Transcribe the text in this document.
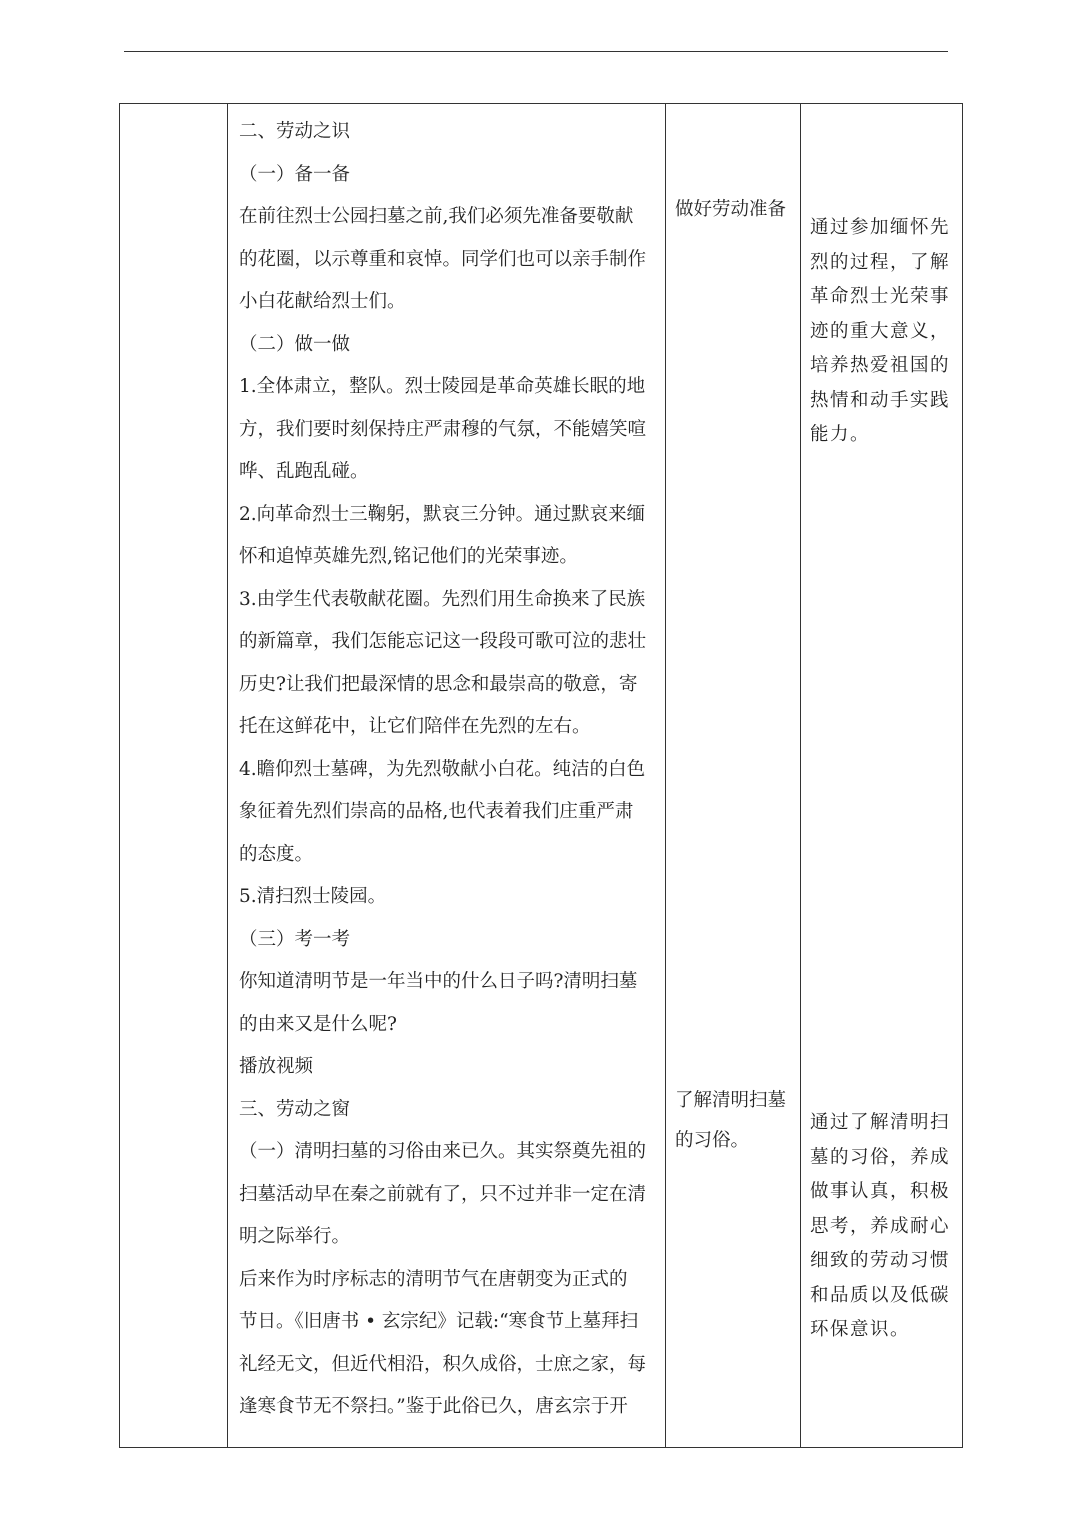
二、劳动之识

（一）备一备

在前往烈士公园扫墓之前,我们必须先准备要敬献

的花圈，以示尊重和哀悼。同学们也可以亲手制作

小白花献给烈士们。

（二）做一做

1.全体肃立，整队。烈士陵园是革命英雄长眠的地

方，我们要时刻保持庄严肃穆的气氛，不能嬉笑喧

哗、乱跑乱碰。

2.向革命烈士三鞠躬，默哀三分钟。通过默哀来缅

怀和追悼英雄先烈,铭记他们的光荣事迹。

3.由学生代表敬献花圈。先烈们用生命换来了民族

的新篇章，我们怎能忘记这一段段可歌可泣的悲壮

历史?让我们把最深情的思念和最崇高的敬意，寄

托在这鲜花中，让它们陪伴在先烈的左右。

4.瞻仰烈士墓碑，为先烈敬献小白花。纯洁的白色

象征着先烈们崇高的品格,也代表着我们庄重严肃

的态度。

5.清扫烈士陵园。

（三）考一考

你知道清明节是一年当中的什么日子吗?清明扫墓

的由来又是什么呢?

播放视频

三、劳动之窗

（一）清明扫墓的习俗由来已久。其实祭奠先祖的

扫墓活动早在秦之前就有了，只不过并非一定在清

明之际举行。

后来作为时序标志的清明节气在唐朝变为正式的

节日。《旧唐书 • 玄宗纪》记载:“寒食节上墓拜扫

礼经无文，但近代相沿，积久成俗，士庶之家，每

逢寒食节无不祭扫。”鉴于此俗已久，唐玄宗于开

做好劳动准备

了解清明扫墓

的习俗。

通过参加缅怀先

烈的过程，了解

革命烈士光荣事

迹的重大意义，

培养热爱祖国的

热情和动手实践

能力。

通过了解清明扫

墓的习俗，养成

做事认真，积极

思考，养成耐心

细致的劳动习惯

和品质以及低碳

环保意识。
